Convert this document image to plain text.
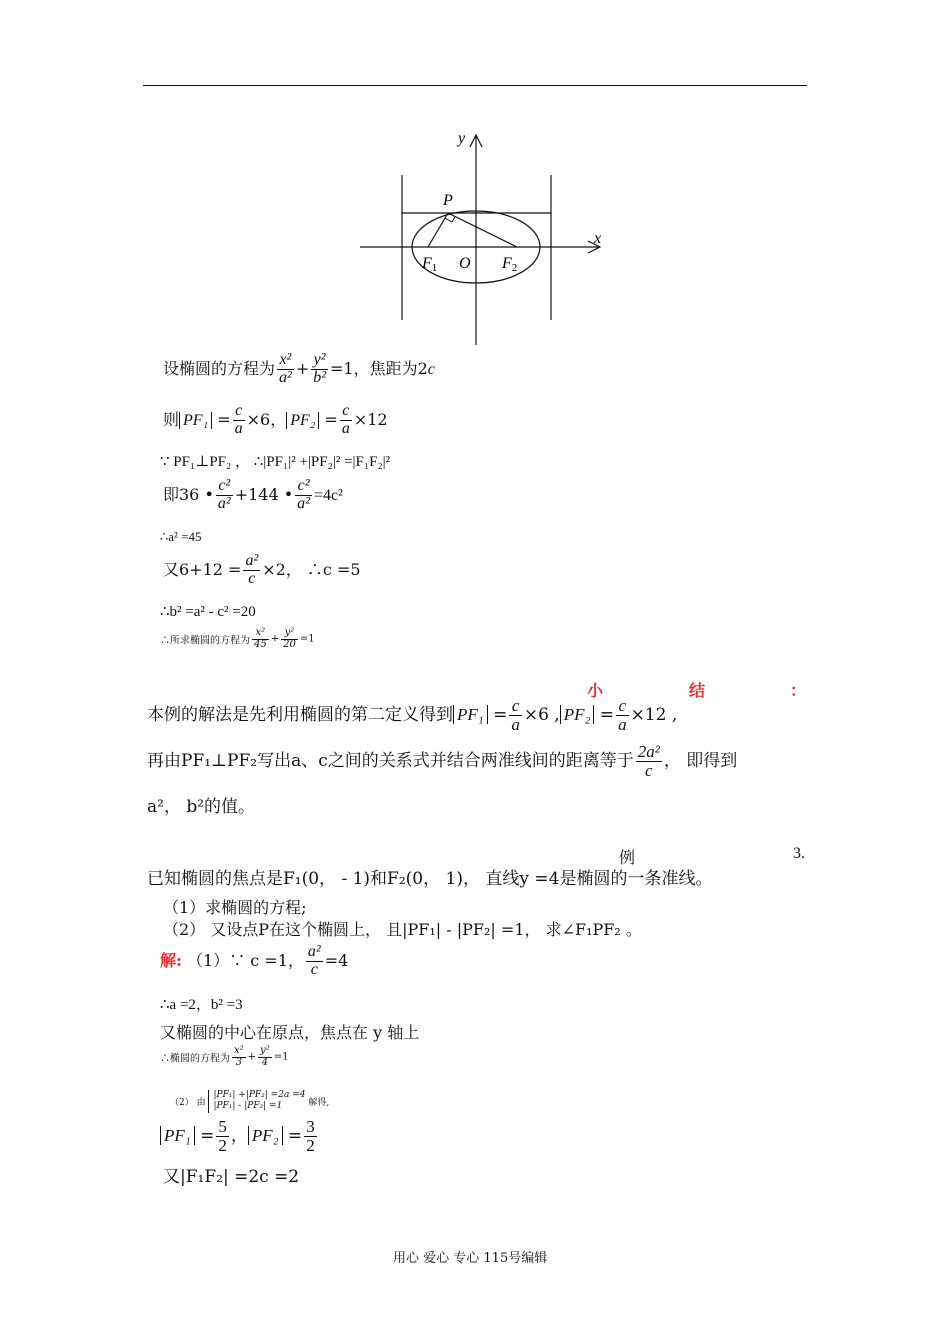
y
x
P
O
F1	F2
设椭圆的方程为 $\frac{\text{x²}}{\text{a²}} + \frac{\text{y²}}{\text{b²}} =1$，焦距为2c
则 $PF_1 = \frac{c}{a} \times 6$， $PF_2 = \frac{c}{a} \times 12$
∵ PF₁⊥PF₂ ， ∴|PF₁|² +|PF₂|² =|F₁F₂|²
即36 • $\frac{\text{c²}}{\text{a²}} +144$ • $\frac{\text{c²}}{\text{a²}} =4c^2$
∴a² =45
又$6+12 = \frac{\text{a²}}{c} \times 2$， ∴c =5
∴b² =a² - c² =20
∴所求椭圆的方程为 $\frac{\text{x²}}{45} + \frac{\text{y²}}{20} =1$
小	结	：
本例的解法是先利用椭圆的第二定义得到 $PF_1 = \frac{c}{a} \times 6$ , $PF_2 = \frac{c}{a} \times 12$ ,
再由PF₁⊥PF₂写出a、c之间的关系式并结合两准线间的距离等于 $\frac{\text{2a²}}{c}$ ， 即得到
a²， b²的值。
例	3.
已知椭圆的焦点是F₁(0， - 1)和F₂(0， 1)， 直线y =4是椭圆的一条准线。
（1）求椭圆的方程;
（2） 又设点P在这个椭圆上， 且|PF₁| - |PF₂| =1， 求∠F₁PF₂ 。
解: （1）∵ c =1， $\frac{\text{a²}}{c} =4$
∴a =2，b² =3
又椭圆的中心在原点，焦点在 y 轴上
∴椭圆的方程为 $\frac{\text{x²}}{3} + \frac{\text{y²}}{4} =1$
（2） 由
|PF₁| +|PF₂| =2a =4
|PF₁| - |PF₂| =1	解得,
$PF_1 = \frac{5}{2}$ ， $PF_2 = \frac{3}{2}$
又|F₁F₂| =2c =2
用心 爱心 专心 115号编辑
